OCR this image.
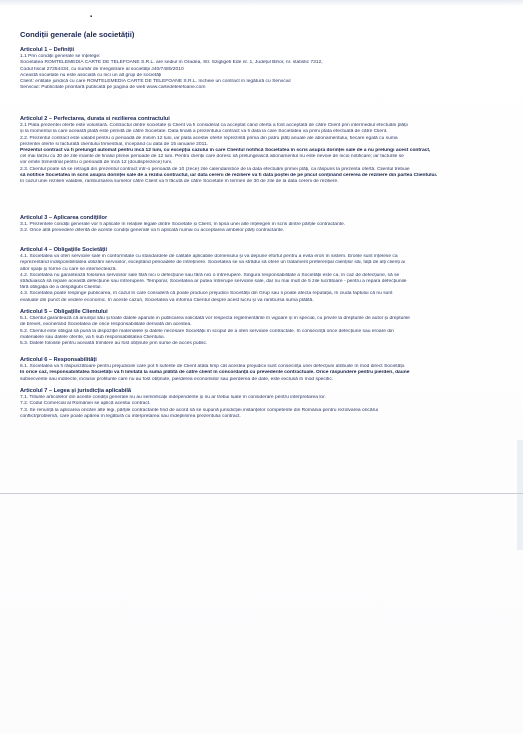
▪
Condiții generale (ale societății)
Articolul 1 – Definiții
1.1 Prin condiții generale se înțelege:
Societatea ROMTELEMEDIA CARTE DE TELEFOANE S.R.L. are sediul în Oradea, Str. Szigligeti Ede nr. 1, Județul Bihor, nr. statistic 7312,
Codul fiscal 27254434, cu număr de înregistrare al societății J40/7480/2010
Această societate nu este asociată cu nici un alt grup de societăți
Client: entitate juridică cu care ROMTELEMEDIA CARTE DE TELEFOANE S.R.L. încheie un contract în legătură cu Serviciul
Serviciul: Publicitate prioritară publicată pe pagina de web www.cartedetelefoane.com
Articolul 2 – Perfectarea, durata si rezilierea contractului
2.1 Plata prezentei oferte este voluntară. Contractul dintre societate și Client va fi considerat ca acceptat când oferta a fost acceptată de către Client prin intermediul efectuării plății
și la momentul la care această plată este primită de către Societate. Data finală a prezentului contract va fi data la care Societatea va primi plata efectuată de către Client.
2.2. Prezentul contract este valabil pentru o perioadă de minim 12 luni, iar plata acestei oferte reprezintă prima din patru plăți anuale ale abonamentului, fiecare egală cu suma
prezentei oferte si facturată clientului trimestrial, începând cu data de 15 ianuarie 2011.
Prezentul contract va fi prelungit automat pentru încă 12 luni, cu excepția cazului în care Clientul notifică Societatea în scris asupra dorinței sale de a nu prelungi acest contract,
cel mai târziu cu 30 de zile înainte de finalul primei perioade de 12 luni. Pentru clienții care doresc să prelungească abonamentul nu este nevoie de nicio notificare; iar facturile se
vor emite trimestrial pentru o perioadă de încă 12 (douăsprezece) luni.
2.3. Clientul poate să se retragă din prezentul contract într-o perioadă de 10 (zece) zile calendaristice de la data efectuării primei plăți, ca răspuns la prezenta ofertă. Clientul trebuie
să notifice Societatea în scris asupra dorinței sale de a rezilia contractul, iar data cererii de reziliere va fi data poștei de pe plicul conținând cererea de reziliere din partea Clientului.
În cazul unei rezilieri valabile, rambursarea sumelor către Client va fi făcută de către Societate în termen de 30 de zile de la data cererii de reziliere.
Articolul 3 – Aplicarea condițiilor
3.1. Prezentele condiții generale vor fi aplicate în relațiile legale dintre Societate și Client, în lipsa unei alte înțelegeri în scris dintre părțile contractante.
3.2. Orice altă prevedere diferită de aceste condiții generale va fi aplicată numai cu acceptarea ambelor părți contractante.
Articolul 4 – Obligațiile Societății
4.1. Societatea va oferi serviciile sale în conformitate cu standardele de calitate aplicabile domeniului și va depune efortul pentru a evita erori în sistem. Erorile sunt înțelese ca
reprezentând indisponibilitatea utilizării serviciilor, exceptând perioadele de întreținere. Societatea se va strădui să ofere un tratament preferențial clienților săi, față de alți clienți ai
altor spații și forme cu care se intersectează.
4.2. Societatea nu garantează folosirea serviciilor sale fără nici o defecțiune sau fără nici o întrerupere. Singura responsabilitate a Societății este ca, în caz de defecțiune, să se
străduiască să repare această defecțiune sau întrerupere. Temporar, Societatea ar putea întrerupe serviciile sale, dar nu mai mult de 5 zile lucrătoare - pentru a repara defecțiunile
fără obligația de a despăgubi Clientul.
4.3. Societatea poate respinge publicarea, în cazul în care consideră că poate produce prejudicii Societății din Grup sau îi poate afecta reputația, în ciuda faptului că nu sunt
evaluate din punct de vedere economic. În aceste cazuri, Societatea va informa Clientul despre acest lucru și va rambursa suma plătită.
Articolul 5 – Obligațiile Clientului
5.1. Clientul garantează că anunțul său și toate datele aparute in publicarea solicitată vor respecta reglementările în vigoare și în special, cu privire la drepturile de autor și drepturile
de brevet, exonerând Societatea de orice responsabilitate derivată din acestea.
5.2. Clientul este obligat să pună la dispoziție materialele și datele necesare Societății în scopul de a oferi serviciile contractate. În consecință orice defecțiune sau eroare din
materialele sau datele oferite, va fi sub responsabilitatea Clientului.
5.3. Datele folosite pentru această trimitere au fost obținute prin surse de acces public.
Articolul 6 – Responsabilități
6.1. Societatea va fi răspunzătoare pentru prejudiciile care pot fi suferite de Client atâta timp cât acestea prejudicii sunt consecința unei defecțiuni atribuite în mod direct Societății.
În orice caz, responsabilitatea Societății va fi limitată la suma plătită de către client în concordanță cu prevederile contractuale. Orice răspundere pentru pierderi, daune
subsecvente sau indirecte, inclusiv profiturile care nu au fost obținute, pierderea economiilor sau pierderea de date, este exclusă în mod specific.
Articolul 7 – Legea și jurisdicția aplicabilă
7.1. Titlurile articolelor din aceste condiții generale nu au semnificații independente și nu ar trebui luate în considerare pentru interpretarea lor.
7.2. Codul Comercial al României se aplică acestui contract.
7.3. Se renunță la aplicarea oricăre alte legi, părțile contractante find de acord să se supună jurisdicției instanțelor competente din România pentru rezolvarea oricărui
conflict/problemă, care poate apărea în legătură cu interpretarea sau îndeplinirea prezentului contract.
